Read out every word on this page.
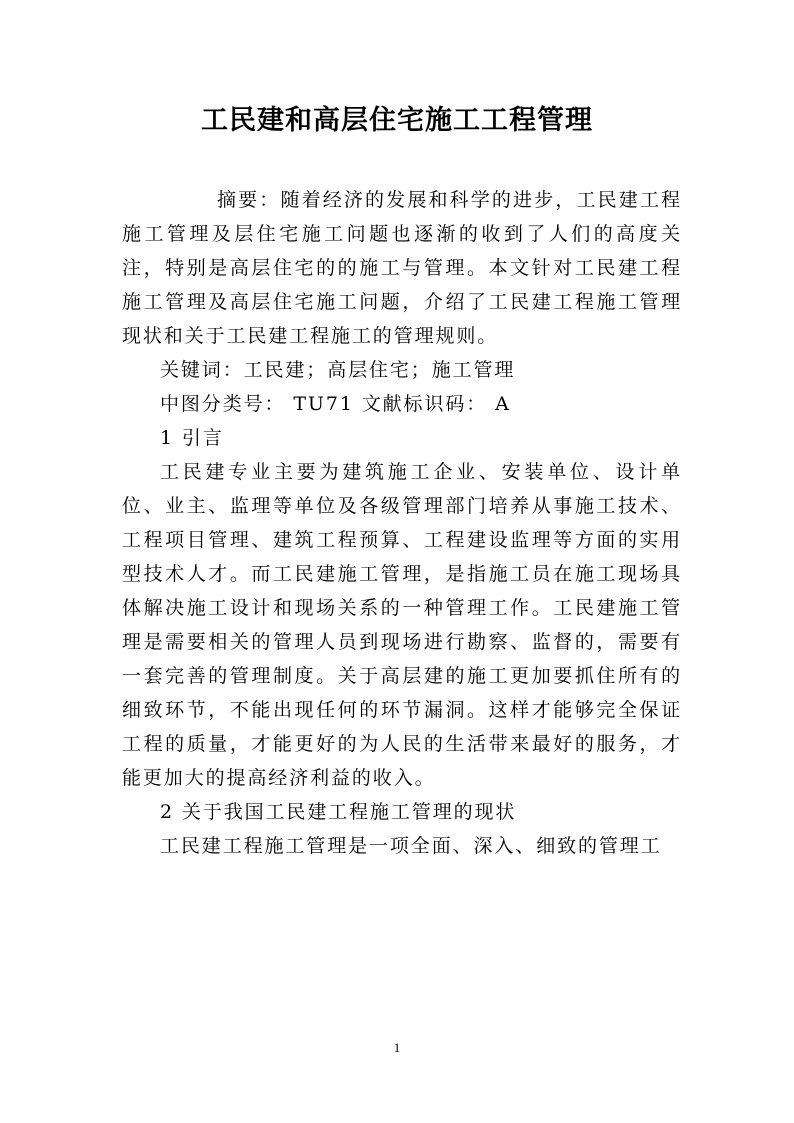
工民建和高层住宅施工工程管理

摘要：随着经济的发展和科学的进步，工民建工程施工管理及层住宅施工问题也逐渐的收到了人们的高度关注，特别是高层住宅的的施工与管理。本文针对工民建工程施工管理及高层住宅施工问题，介绍了工民建工程施工管理现状和关于工民建工程施工的管理规则。

关键词：工民建；高层住宅；施工管理

中图分类号： TU71 文献标识码： A

1 引言

工民建专业主要为建筑施工企业、安装单位、设计单位、业主、监理等单位及各级管理部门培养从事施工技术、工程项目管理、建筑工程预算、工程建设监理等方面的实用型技术人才。而工民建施工管理，是指施工员在施工现场具体解决施工设计和现场关系的一种管理工作。工民建施工管理是需要相关的管理人员到现场进行勘察、监督的，需要有一套完善的管理制度。关于高层建的施工更加要抓住所有的细致环节，不能出现任何的环节漏洞。这样才能够完全保证工程的质量，才能更好的为人民的生活带来最好的服务，才能更加大的提高经济利益的收入。

2 关于我国工民建工程施工管理的现状

工民建工程施工管理是一项全面、深入、细致的管理工

1
